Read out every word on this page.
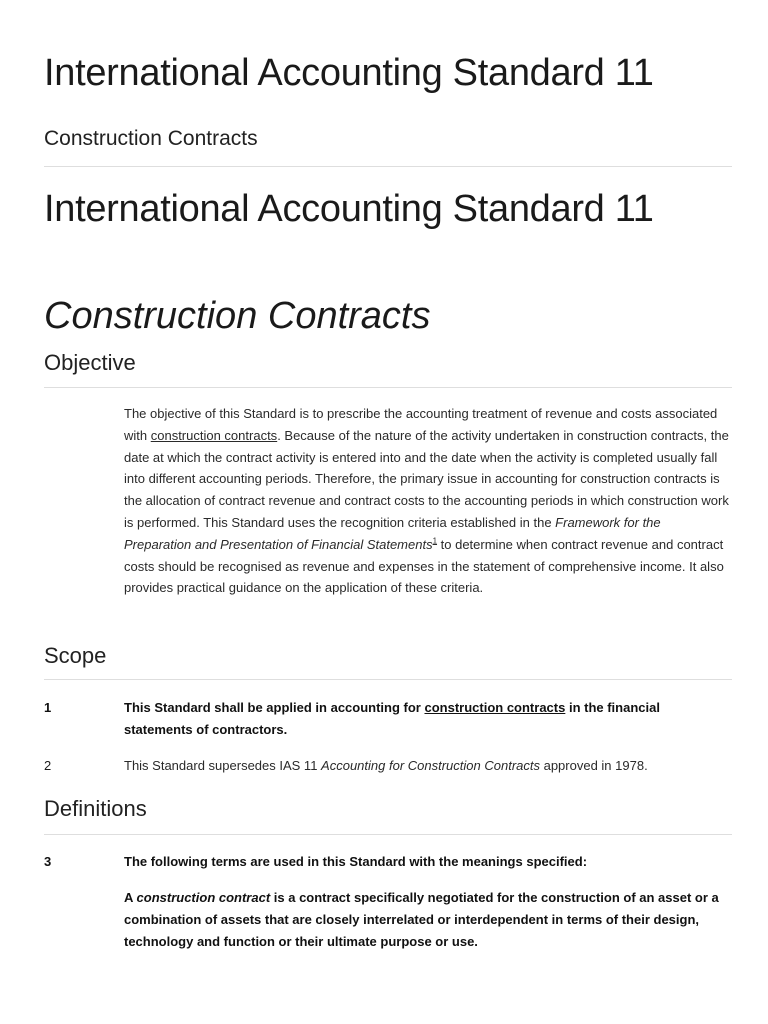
International Accounting Standard 11
Construction Contracts
International Accounting Standard 11
Construction Contracts
Objective

The objective of this Standard is to prescribe the accounting treatment of revenue and costs associated with construction contracts. Because of the nature of the activity undertaken in construction contracts, the date at which the contract activity is entered into and the date when the activity is completed usually fall into different accounting periods. Therefore, the primary issue in accounting for construction contracts is the allocation of contract revenue and contract costs to the accounting periods in which construction work is performed. This Standard uses the recognition criteria established in the Framework for the Preparation and Presentation of Financial Statements$^1$ to determine when contract revenue and contract costs should be recognised as revenue and expenses in the statement of comprehensive income. It also provides practical guidance on the application of these criteria.

Scope
1	This Standard shall be applied in accounting for construction contracts in the financial statements of contractors.

2	This Standard supersedes IAS 11 Accounting for Construction Contracts approved in 1978.

Definitions
3	The following terms are used in this Standard with the meanings specified:

A construction contract is a contract specifically negotiated for the construction of an asset or a combination of assets that are closely interrelated or interdependent in terms of their design, technology and function or their ultimate purpose or use.
